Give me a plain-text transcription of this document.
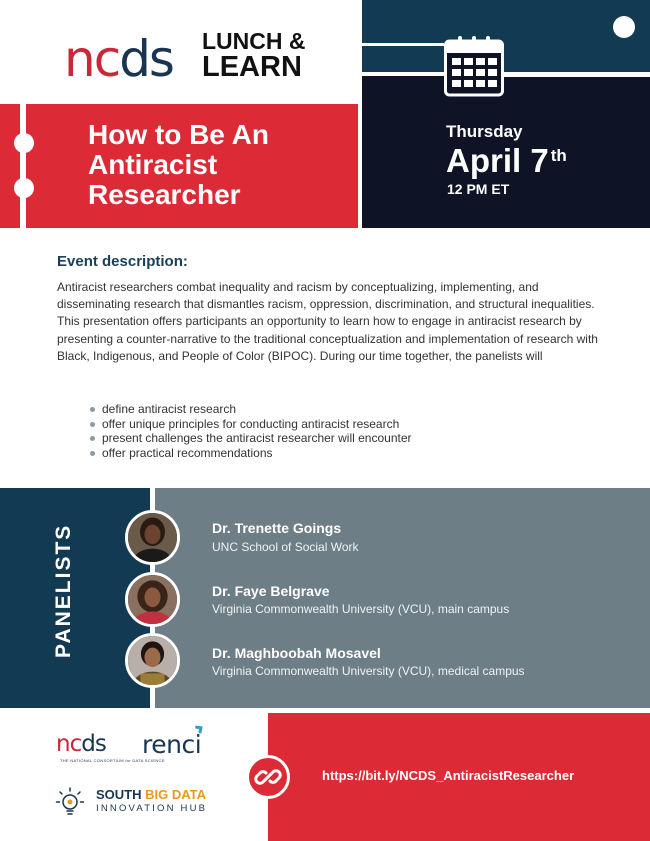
ncds LUNCH &
LEARN
How to Be An Antiracist Researcher
Thursday
April 7 $^{th}$
12 PM ET
Event description:
Antiracist researchers combat inequality and racism by conceptualizing, implementing, and disseminating research that dismantles racism, oppression, discrimination, and structural inequalities. This presentation offers participants an opportunity to learn how to engage in antiracist research by presenting a counter-narrative to the traditional conceptualization and implementation of research with Black, Indigenous, and People of Color (BIPOC). During our time together, the panelists will
define antiracist research
offer unique principles for conducting antiracist research
present challenges the antiracist researcher will encounter
offer practical recommendations
PANELISTS	Dr. Trenette Goings
UNC School of Social Work
Dr. Faye Belgrave
Virginia Commonwealth University (VCU), main campus
Dr. Maghboobah Mosavel
Virginia Commonwealth University (VCU), medical campus
ncds
THE NATIONAL CONSORTIUM for DATA SCIENCE
renci
SOUTH BIG DATA
INNOVATION HUB
https://bit.ly/NCDS_AntiracistResearcher
